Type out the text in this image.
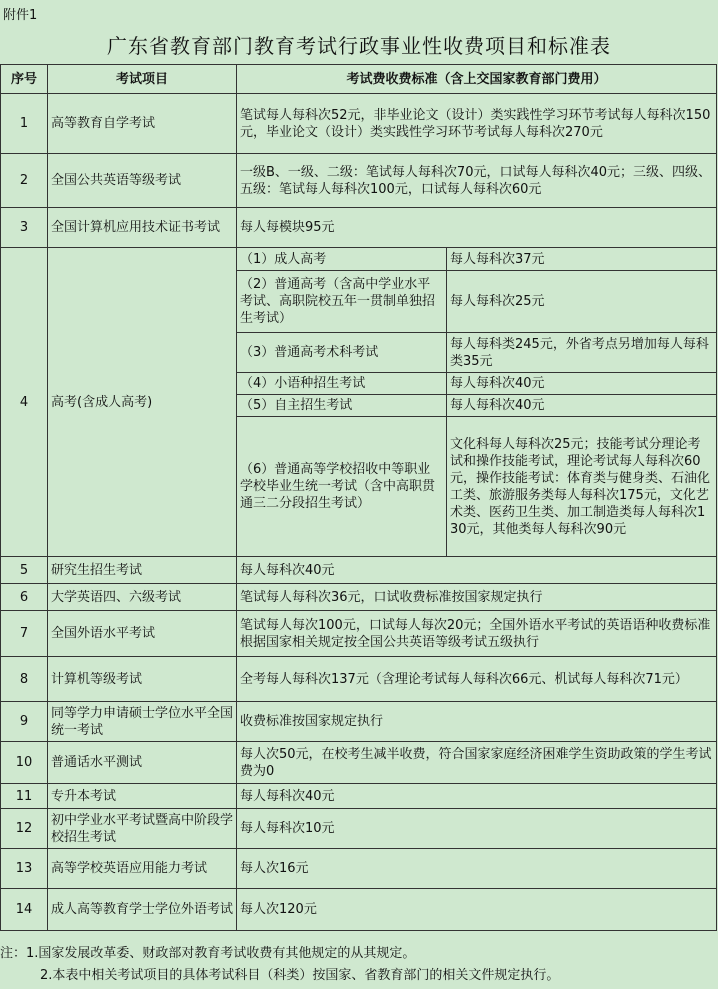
附件1
广东省教育部门教育考试行政事业性收费项目和标准表
序号	考试项目	考试费收费标准（含上交国家教育部门费用）	
1	高等教育自学考试	笔试每人每科次52元，非毕业论文（设计）类实践性学习环节考试每人每科次150元，毕业论文（设计）类实践性学习环节考试每人每科次270元	
2	全国公共英语等级考试	一级B、一级、二级：笔试每人每科次70元，口试每人每科次40元；三级、四级、五级：笔试每人每科次100元，口试每人每科次60元	
3	全国计算机应用技术证书考试	每人每模块95元	
4	高考(含成人高考)	（1）成人高考	每人每科次37元
		（2）普通高考（含高中学业水平考试、高职院校五年一贯制单独招生考试）	每人每科次25元
		（3）普通高考术科考试	每人每科类245元，外省考点另增加每人每科类35元
		（4）小语种招生考试	每人每科次40元
		（5）自主招生考试	每人每科次40元
		（6）普通高等学校招收中等职业学校毕业生统一考试（含中高职贯通三二分段招生考试）	文化科每人每科次25元；技能考试分理论考试和操作技能考试，理论考试每人每科次60元，操作技能考试：体育类与健身类、石油化工类、旅游服务类每人每科次175元，文化艺术类、医药卫生类、加工制造类每人每科次130元，其他类每人每科次90元
5	研究生招生考试	每人每科次40元	
6	大学英语四、六级考试	笔试每人每科次36元，口试收费标准按国家规定执行	
7	全国外语水平考试	笔试每人每次100元，口试每人每次20元；全国外语水平考试的英语语种收费标准根据国家相关规定按全国公共英语等级考试五级执行	
8	计算机等级考试	全考每人每科次137元（含理论考试每人每科次66元、机试每人每科次71元）	
9	同等学力申请硕士学位水平全国统一考试	收费标准按国家规定执行	
10	普通话水平测试	每人次50元，在校考生减半收费，符合国家家庭经济困难学生资助政策的学生考试费为0	
11	专升本考试	每人每科次40元	
12	初中学业水平考试暨高中阶段学校招生考试	每人每科次10元	
13	高等学校英语应用能力考试	每人次16元	
14	成人高等教育学士学位外语考试	每人次120元	
注：1.国家发展改革委、财政部对教育考试收费有其他规定的从其规定。
2.本表中相关考试项目的具体考试科目（科类）按国家、省教育部门的相关文件规定执行。
